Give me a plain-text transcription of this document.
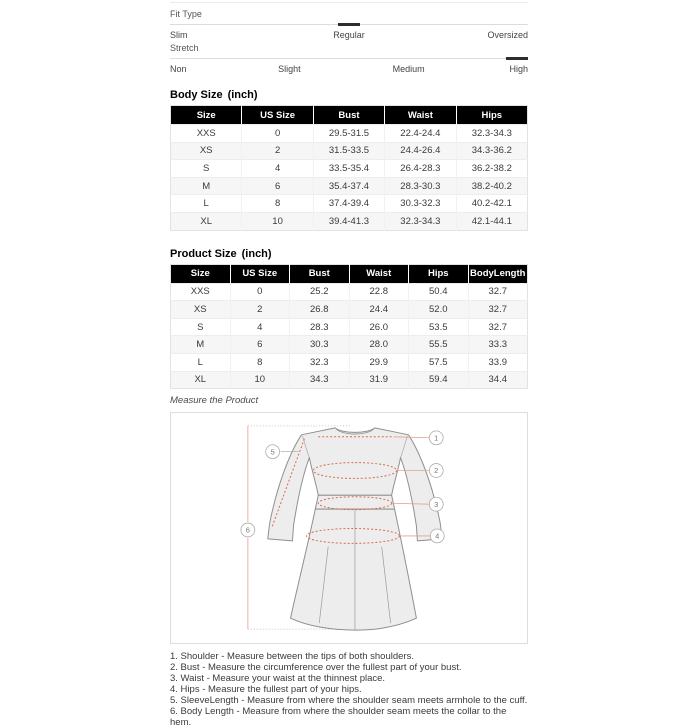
Fit Type
Slim	Regular	Oversized
Stretch
Non	Slight	Medium	High
Body Size (inch)
Size	US Size	Bust	Waist	Hips
XXS	0	29.5-31.5	22.4-24.4	32.3-34.3
XS	2	31.5-33.5	24.4-26.4	34.3-36.2
S	4	33.5-35.4	26.4-28.3	36.2-38.2
M	6	35.4-37.4	28.3-30.3	38.2-40.2
L	8	37.4-39.4	30.3-32.3	40.2-42.1
XL	10	39.4-41.3	32.3-34.3	42.1-44.1
Product Size (inch)
Size	US Size	Bust	Waist	Hips	BodyLength
XXS	0	25.2	22.8	50.4	32.7
XS	2	26.8	24.4	52.0	32.7
S	4	28.3	26.0	53.5	32.7
M	6	30.3	28.0	55.5	33.3
L	8	32.3	29.9	57.5	33.9
XL	10	34.3	31.9	59.4	34.4
Measure the Product
1
2
3
4
5
6
1. Shoulder - Measure between the tips of both shoulders.
2. Bust - Measure the circumference over the fullest part of your bust.
3. Waist - Measure your waist at the thinnest place.
4. Hips - Measure the fullest part of your hips.
5. SleeveLength - Measure from where the shoulder seam meets armhole to the cuff.
6. Body Length - Measure from where the shoulder seam meets the collar to the hem.
